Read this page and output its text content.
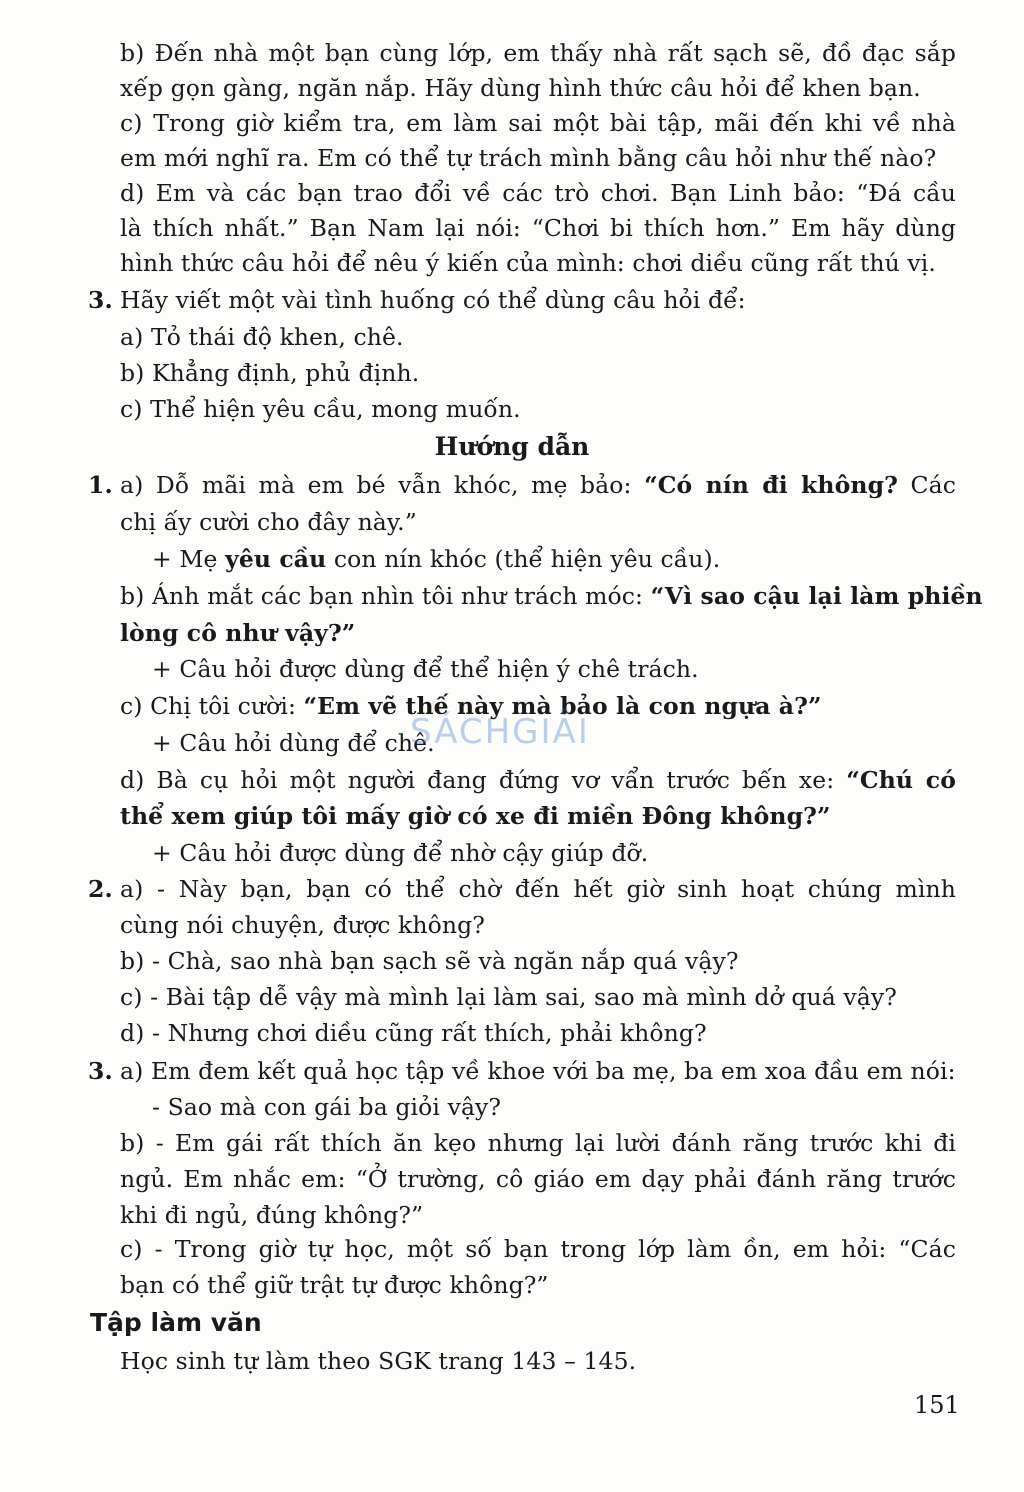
b) Đến nhà một bạn cùng lớp, em thấy nhà rất sạch sẽ, đồ đạc sắp
xếp gọn gàng, ngăn nắp. Hãy dùng hình thức câu hỏi để khen bạn.
c) Trong giờ kiểm tra, em làm sai một bài tập, mãi đến khi về nhà
em mới nghĩ ra. Em có thể tự trách mình bằng câu hỏi như thế nào?
d) Em và các bạn trao đổi về các trò chơi. Bạn Linh bảo: “Đá cầu
là thích nhất.” Bạn Nam lại nói: “Chơi bi thích hơn.” Em hãy dùng
hình thức câu hỏi để nêu ý kiến của mình: chơi diều cũng rất thú vị.
3. Hãy viết một vài tình huống có thể dùng câu hỏi để:
a) Tỏ thái độ khen, chê.
b) Khẳng định, phủ định.
c) Thể hiện yêu cầu, mong muốn.
Hướng dẫn
1. a) Dỗ mãi mà em bé vẫn khóc, mẹ bảo: “Có nín đi không? Các
chị ấy cười cho đây này.”
+ Mẹ yêu cầu con nín khóc (thể hiện yêu cầu).
b) Ánh mắt các bạn nhìn tôi như trách móc: “Vì sao cậu lại làm phiền
lòng cô như vậy?”
+ Câu hỏi được dùng để thể hiện ý chê trách.
c) Chị tôi cười: “Em vẽ thế này mà bảo là con ngựa à?”
+ Câu hỏi dùng để chê.
d) Bà cụ hỏi một người đang đứng vơ vẩn trước bến xe: “Chú có
thể xem giúp tôi mấy giờ có xe đi miền Đông không?”
+ Câu hỏi được dùng để nhờ cậy giúp đỡ.
2. a) - Này bạn, bạn có thể chờ đến hết giờ sinh hoạt chúng mình
cùng nói chuyện, được không?
b) - Chà, sao nhà bạn sạch sẽ và ngăn nắp quá vậy?
c) - Bài tập dễ vậy mà mình lại làm sai, sao mà mình dở quá vậy?
d) - Nhưng chơi diều cũng rất thích, phải không?
3. a) Em đem kết quả học tập về khoe với ba mẹ, ba em xoa đầu em nói:
- Sao mà con gái ba giỏi vậy?
b) - Em gái rất thích ăn kẹo nhưng lại lười đánh răng trước khi đi
ngủ. Em nhắc em: “Ở trường, cô giáo em dạy phải đánh răng trước
khi đi ngủ, đúng không?”
c) - Trong giờ tự học, một số bạn trong lớp làm ồn, em hỏi: “Các
bạn có thể giữ trật tự được không?”
Tập làm văn
Học sinh tự làm theo SGK trang 143 – 145.
SÁCHGIẢI
151
